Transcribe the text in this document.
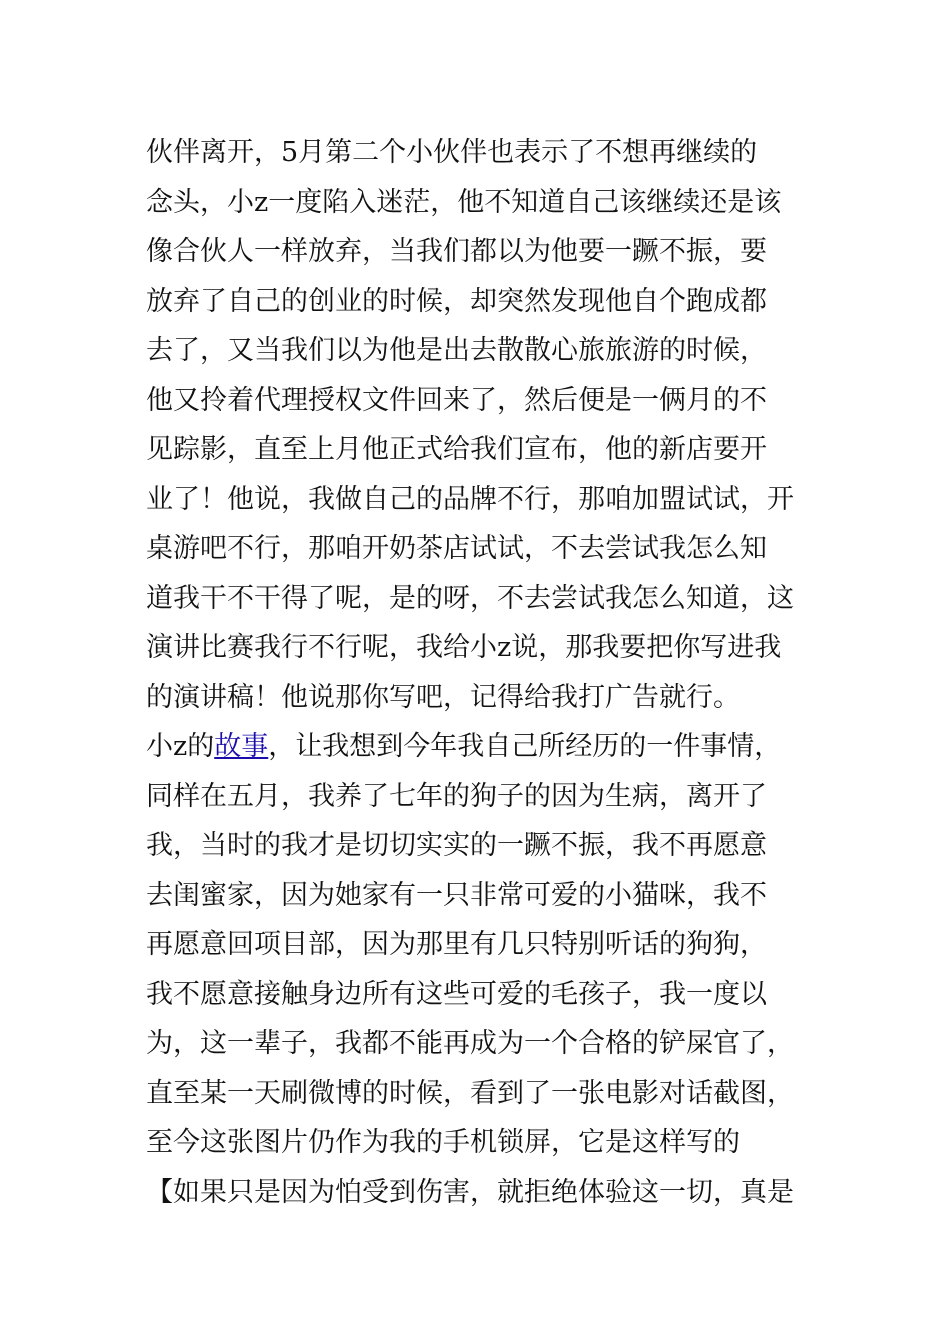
伙伴离开，5月第二个小伙伴也表示了不想再继续的
念头，小z一度陷入迷茫，他不知道自己该继续还是该
像合伙人一样放弃，当我们都以为他要一蹶不振，要
放弃了自己的创业的时候，却突然发现他自个跑成都
去了，又当我们以为他是出去散散心旅旅游的时候，
他又拎着代理授权文件回来了，然后便是一俩月的不
见踪影，直至上月他正式给我们宣布，他的新店要开
业了！他说，我做自己的品牌不行，那咱加盟试试，开
桌游吧不行，那咱开奶茶店试试，不去尝试我怎么知
道我干不干得了呢，是的呀，不去尝试我怎么知道，这
演讲比赛我行不行呢，我给小z说，那我要把你写进我
的演讲稿！他说那你写吧，记得给我打广告就行。
小z的故事，让我想到今年我自己所经历的一件事情，
同样在五月，我养了七年的狗子的因为生病，离开了
我，当时的我才是切切实实的一蹶不振，我不再愿意
去闺蜜家，因为她家有一只非常可爱的小猫咪，我不
再愿意回项目部，因为那里有几只特别听话的狗狗，
我不愿意接触身边所有这些可爱的毛孩子，我一度以
为，这一辈子，我都不能再成为一个合格的铲屎官了，
直至某一天刷微博的时候，看到了一张电影对话截图，
至今这张图片仍作为我的手机锁屏，它是这样写的
【如果只是因为怕受到伤害，就拒绝体验这一切，真是
